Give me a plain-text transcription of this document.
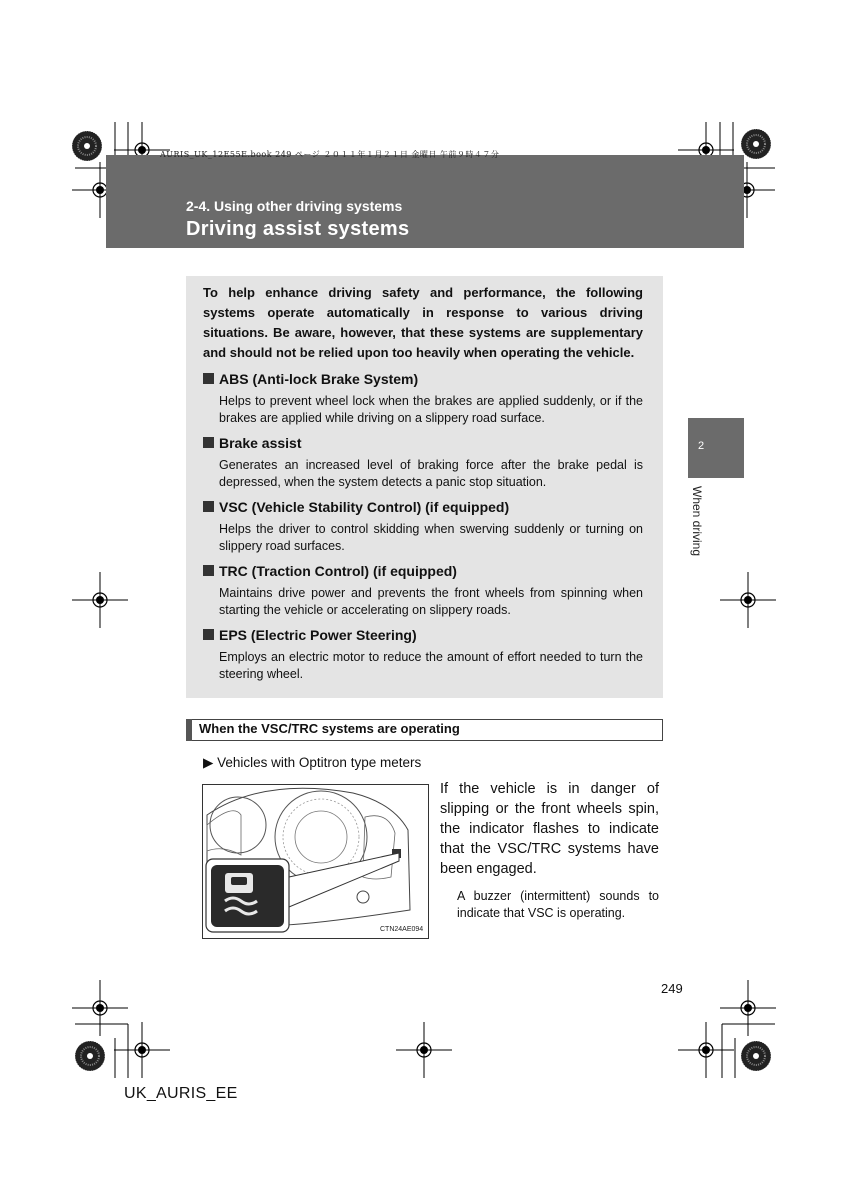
AURIS_UK_12E55E.book 249 ページ ２０１１年１月２１日 金曜日 午前９時４７分
2-4. Using other driving systems
Driving assist systems
2
When driving
To help enhance driving safety and performance, the following systems operate automatically in response to various driving situations. Be aware, however, that these systems are supplementary and should not be relied upon too heavily when operating the vehicle.
ABS (Anti-lock Brake System)
Helps to prevent wheel lock when the brakes are applied suddenly, or if the brakes are applied while driving on a slippery road surface.
Brake assist
Generates an increased level of braking force after the brake pedal is depressed, when the system detects a panic stop situation.
VSC (Vehicle Stability Control) (if equipped)
Helps the driver to control skidding when swerving suddenly or turning on slippery road surfaces.
TRC (Traction Control) (if equipped)
Maintains drive power and prevents the front wheels from spinning when starting the vehicle or accelerating on slippery roads.
EPS (Electric Power Steering)
Employs an electric motor to reduce the amount of effort needed to turn the steering wheel.
When the VSC/TRC systems are operating
▶ Vehicles with Optitron type meters
CTN24AE094
If the vehicle is in danger of slipping or the front wheels spin, the indicator flashes to indicate that the VSC/TRC systems have been engaged.
A buzzer (intermittent) sounds to indicate that VSC is operating.
249
UK_AURIS_EE
